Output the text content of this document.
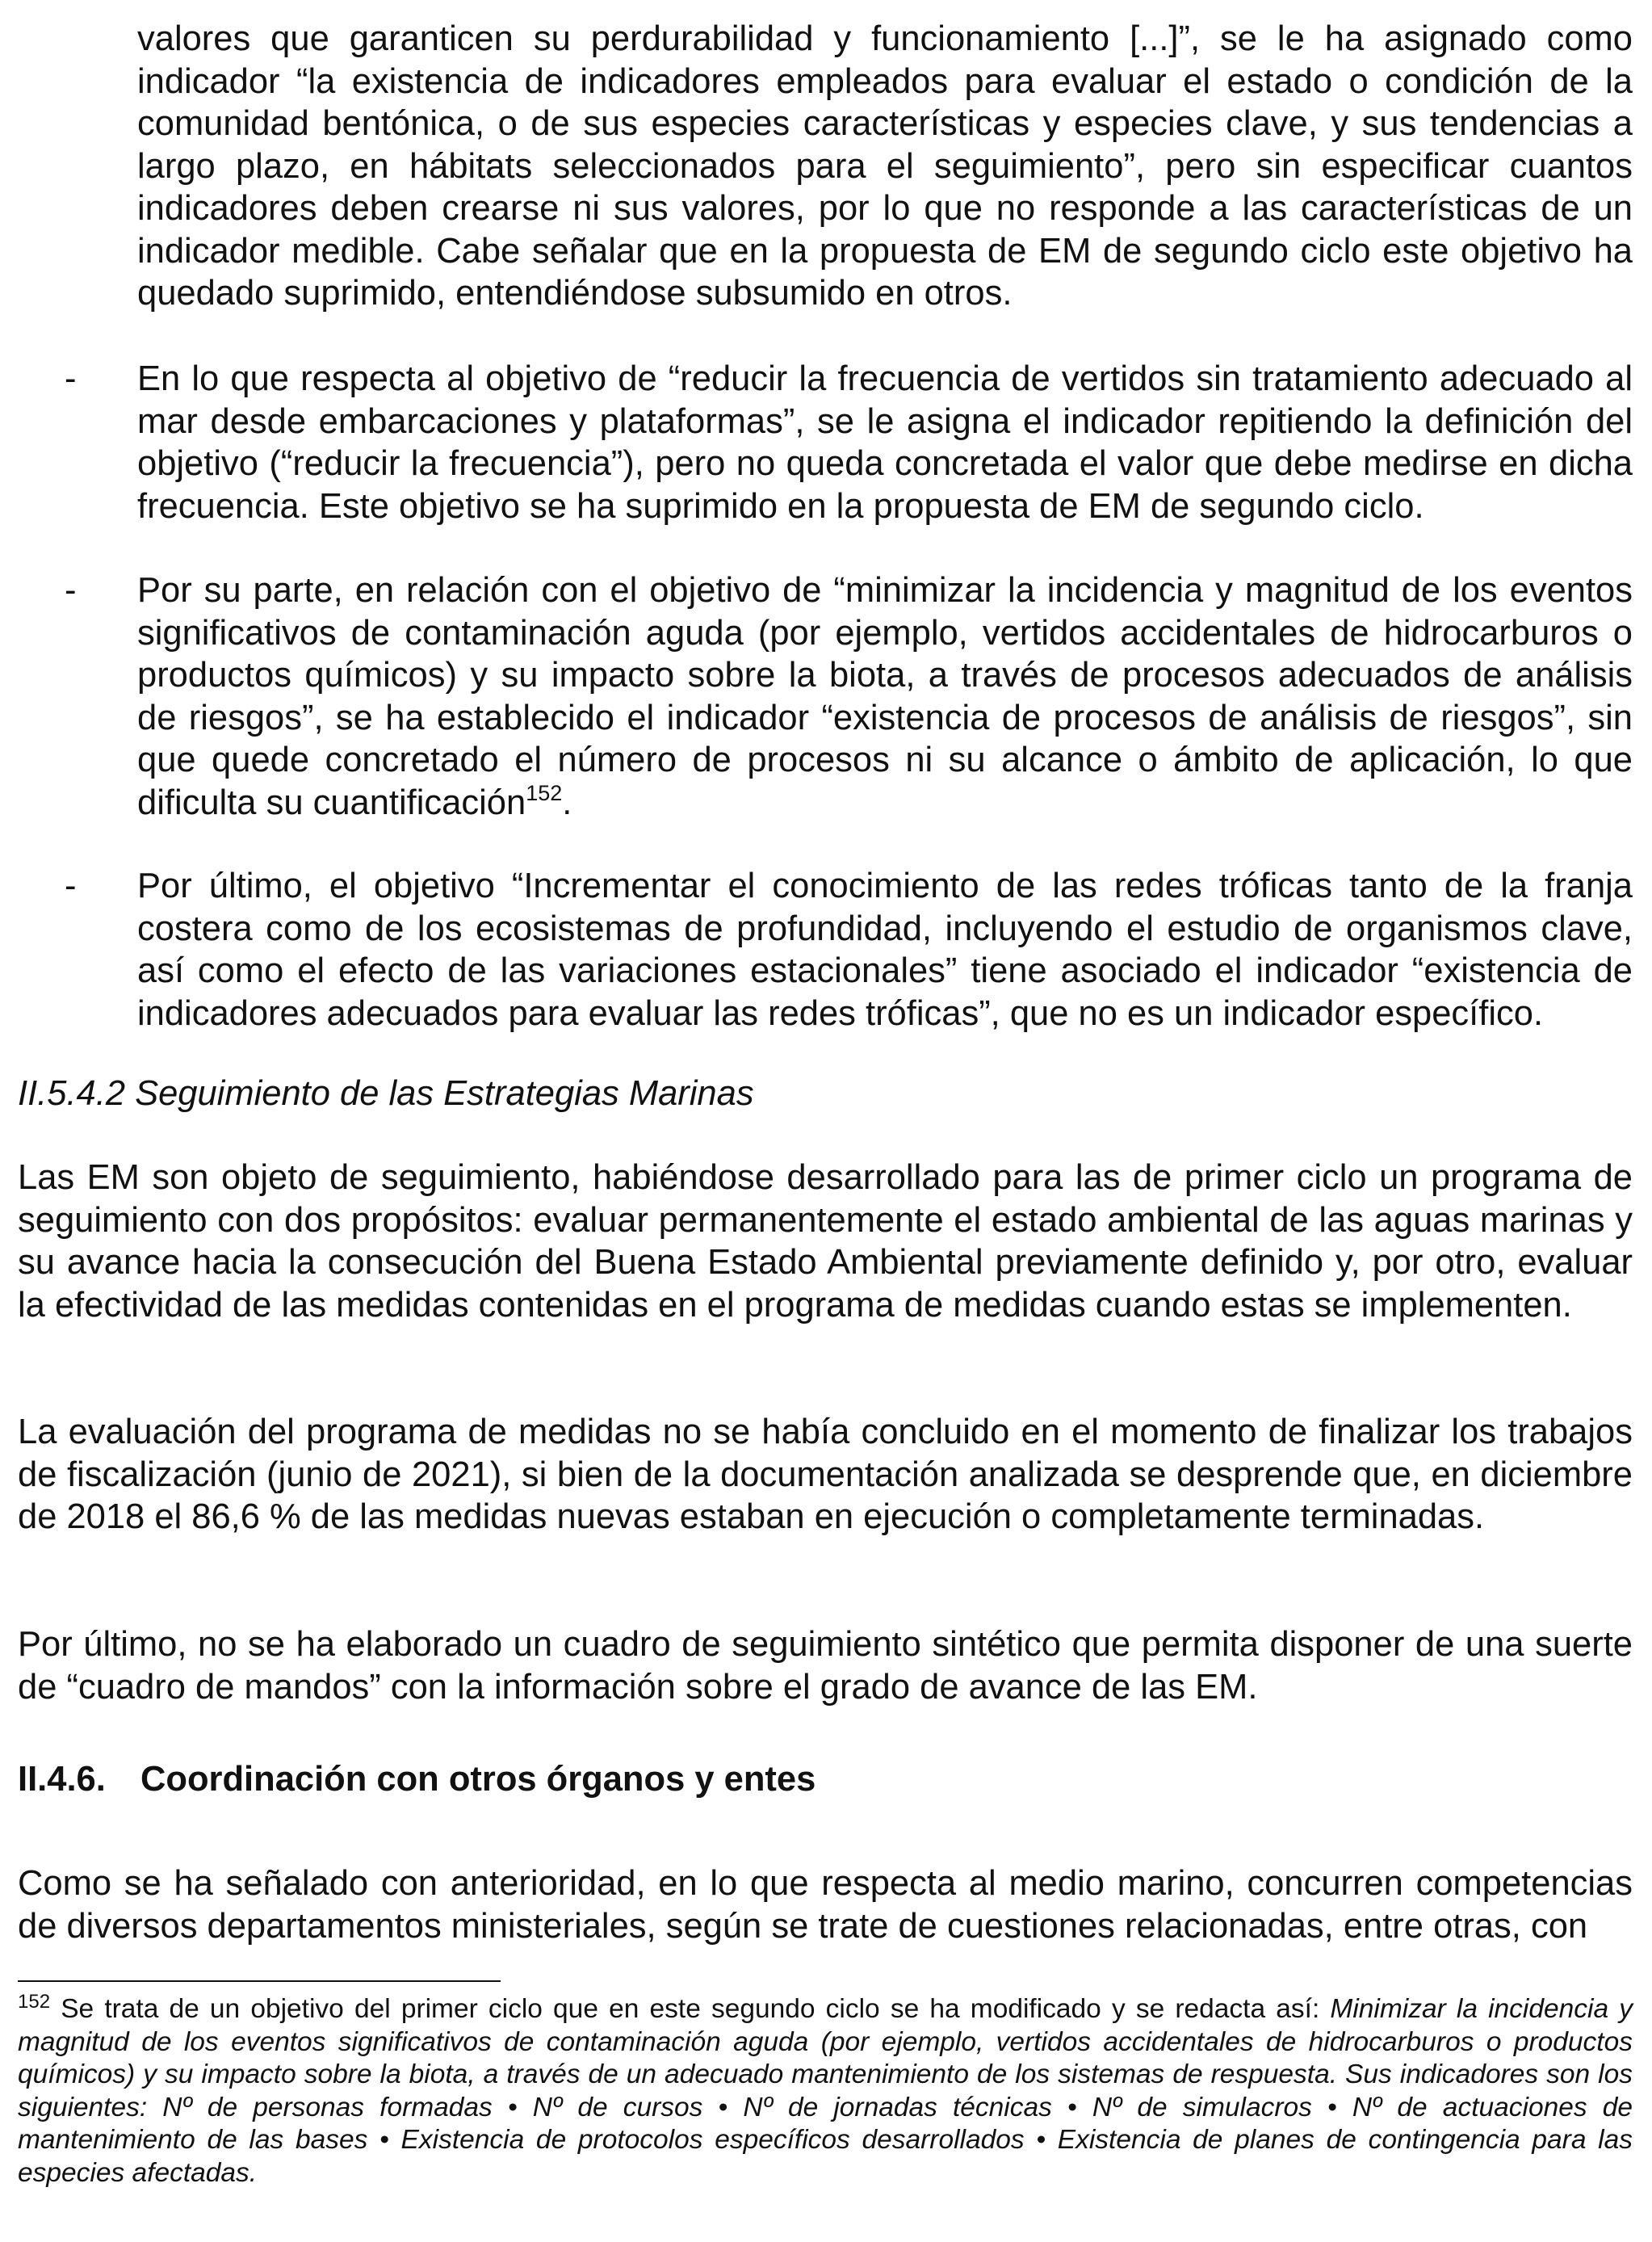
valores que garanticen su perdurabilidad y funcionamiento [...]”, se le ha asignado como indicador “la existencia de indicadores empleados para evaluar el estado o condición de la comunidad bentónica, o de sus especies características y especies clave, y sus tendencias a largo plazo, en hábitats seleccionados para el seguimiento”, pero sin especificar cuantos indicadores deben crearse ni sus valores, por lo que no responde a las características de un indicador medible. Cabe señalar que en la propuesta de EM de segundo ciclo este objetivo ha quedado suprimido, entendiéndose subsumido en otros.

- En lo que respecta al objetivo de “reducir la frecuencia de vertidos sin tratamiento adecuado al mar desde embarcaciones y plataformas”, se le asigna el indicador repitiendo la definición del objetivo (“reducir la frecuencia”), pero no queda concretada el valor que debe medirse en dicha frecuencia. Este objetivo se ha suprimido en la propuesta de EM de segundo ciclo.

- Por su parte, en relación con el objetivo de “minimizar la incidencia y magnitud de los eventos significativos de contaminación aguda (por ejemplo, vertidos accidentales de hidrocarburos o productos químicos) y su impacto sobre la biota, a través de procesos adecuados de análisis de riesgos”, se ha establecido el indicador “existencia de procesos de análisis de riesgos”, sin que quede concretado el número de procesos ni su alcance o ámbito de aplicación, lo que dificulta su cuantificación$^{152}$.

- Por último, el objetivo “Incrementar el conocimiento de las redes tróficas tanto de la franja costera como de los ecosistemas de profundidad, incluyendo el estudio de organismos clave, así como el efecto de las variaciones estacionales” tiene asociado el indicador “existencia de indicadores adecuados para evaluar las redes tróficas”, que no es un indicador específico.

II.5.4.2 Seguimiento de las Estrategias Marinas

Las EM son objeto de seguimiento, habiéndose desarrollado para las de primer ciclo un programa de seguimiento con dos propósitos: evaluar permanentemente el estado ambiental de las aguas marinas y su avance hacia la consecución del Buena Estado Ambiental previamente definido y, por otro, evaluar la efectividad de las medidas contenidas en el programa de medidas cuando estas se implementen.

La evaluación del programa de medidas no se había concluido en el momento de finalizar los trabajos de fiscalización (junio de 2021), si bien de la documentación analizada se desprende que, en diciembre de 2018 el 86,6 % de las medidas nuevas estaban en ejecución o completamente terminadas.

Por último, no se ha elaborado un cuadro de seguimiento sintético que permita disponer de una suerte de “cuadro de mandos” con la información sobre el grado de avance de las EM.

II.4.6. Coordinación con otros órganos y entes

Como se ha señalado con anterioridad, en lo que respecta al medio marino, concurren competencias de diversos departamentos ministeriales, según se trate de cuestiones relacionadas, entre otras, con

$^{152}$ Se trata de un objetivo del primer ciclo que en este segundo ciclo se ha modificado y se redacta así: Minimizar la incidencia y magnitud de los eventos significativos de contaminación aguda (por ejemplo, vertidos accidentales de hidrocarburos o productos químicos) y su impacto sobre la biota, a través de un adecuado mantenimiento de los sistemas de respuesta. Sus indicadores son los siguientes: Nº de personas formadas • Nº de cursos • Nº de jornadas técnicas • Nº de simulacros • Nº de actuaciones de mantenimiento de las bases • Existencia de protocolos específicos desarrollados • Existencia de planes de contingencia para las especies afectadas.
